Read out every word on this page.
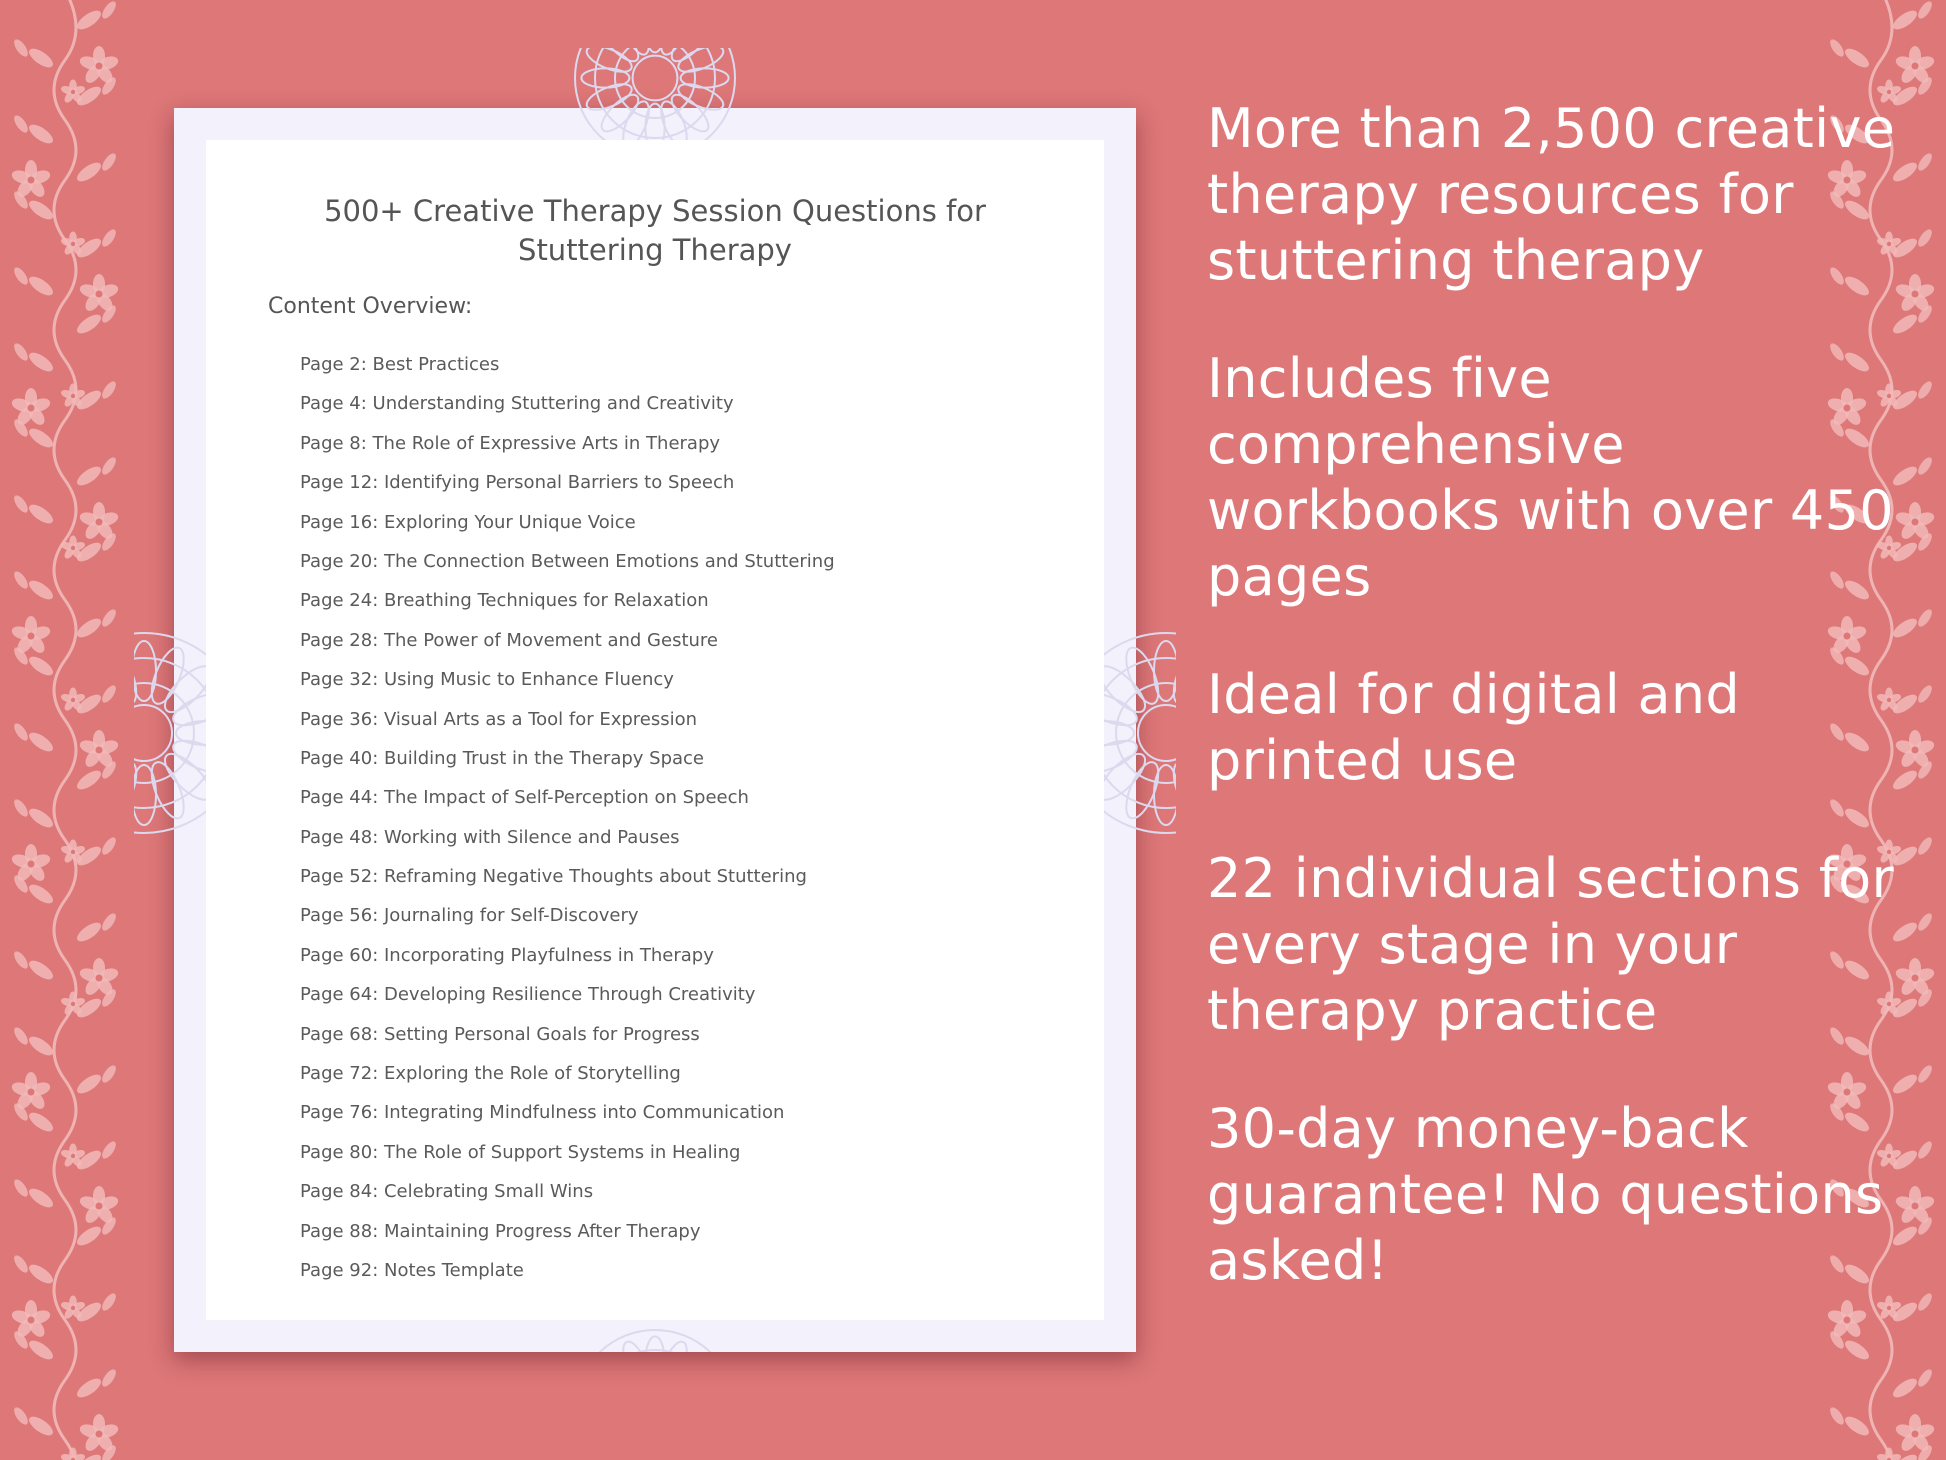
500+ Creative Therapy Session Questions for
Stuttering Therapy
Content Overview:
Page 2: Best Practices
Page 4: Understanding Stuttering and Creativity
Page 8: The Role of Expressive Arts in Therapy
Page 12: Identifying Personal Barriers to Speech
Page 16: Exploring Your Unique Voice
Page 20: The Connection Between Emotions and Stuttering
Page 24: Breathing Techniques for Relaxation
Page 28: The Power of Movement and Gesture
Page 32: Using Music to Enhance Fluency
Page 36: Visual Arts as a Tool for Expression
Page 40: Building Trust in the Therapy Space
Page 44: The Impact of Self-Perception on Speech
Page 48: Working with Silence and Pauses
Page 52: Reframing Negative Thoughts about Stuttering
Page 56: Journaling for Self-Discovery
Page 60: Incorporating Playfulness in Therapy
Page 64: Developing Resilience Through Creativity
Page 68: Setting Personal Goals for Progress
Page 72: Exploring the Role of Storytelling
Page 76: Integrating Mindfulness into Communication
Page 80: The Role of Support Systems in Healing
Page 84: Celebrating Small Wins
Page 88: Maintaining Progress After Therapy
Page 92: Notes Template

More than 2,500 creative therapy resources for stuttering therapy

Includes five comprehensive workbooks with over 450 pages

Ideal for digital and printed use

22 individual sections for every stage in your therapy practice

30-day money-back guarantee! No questions asked!
